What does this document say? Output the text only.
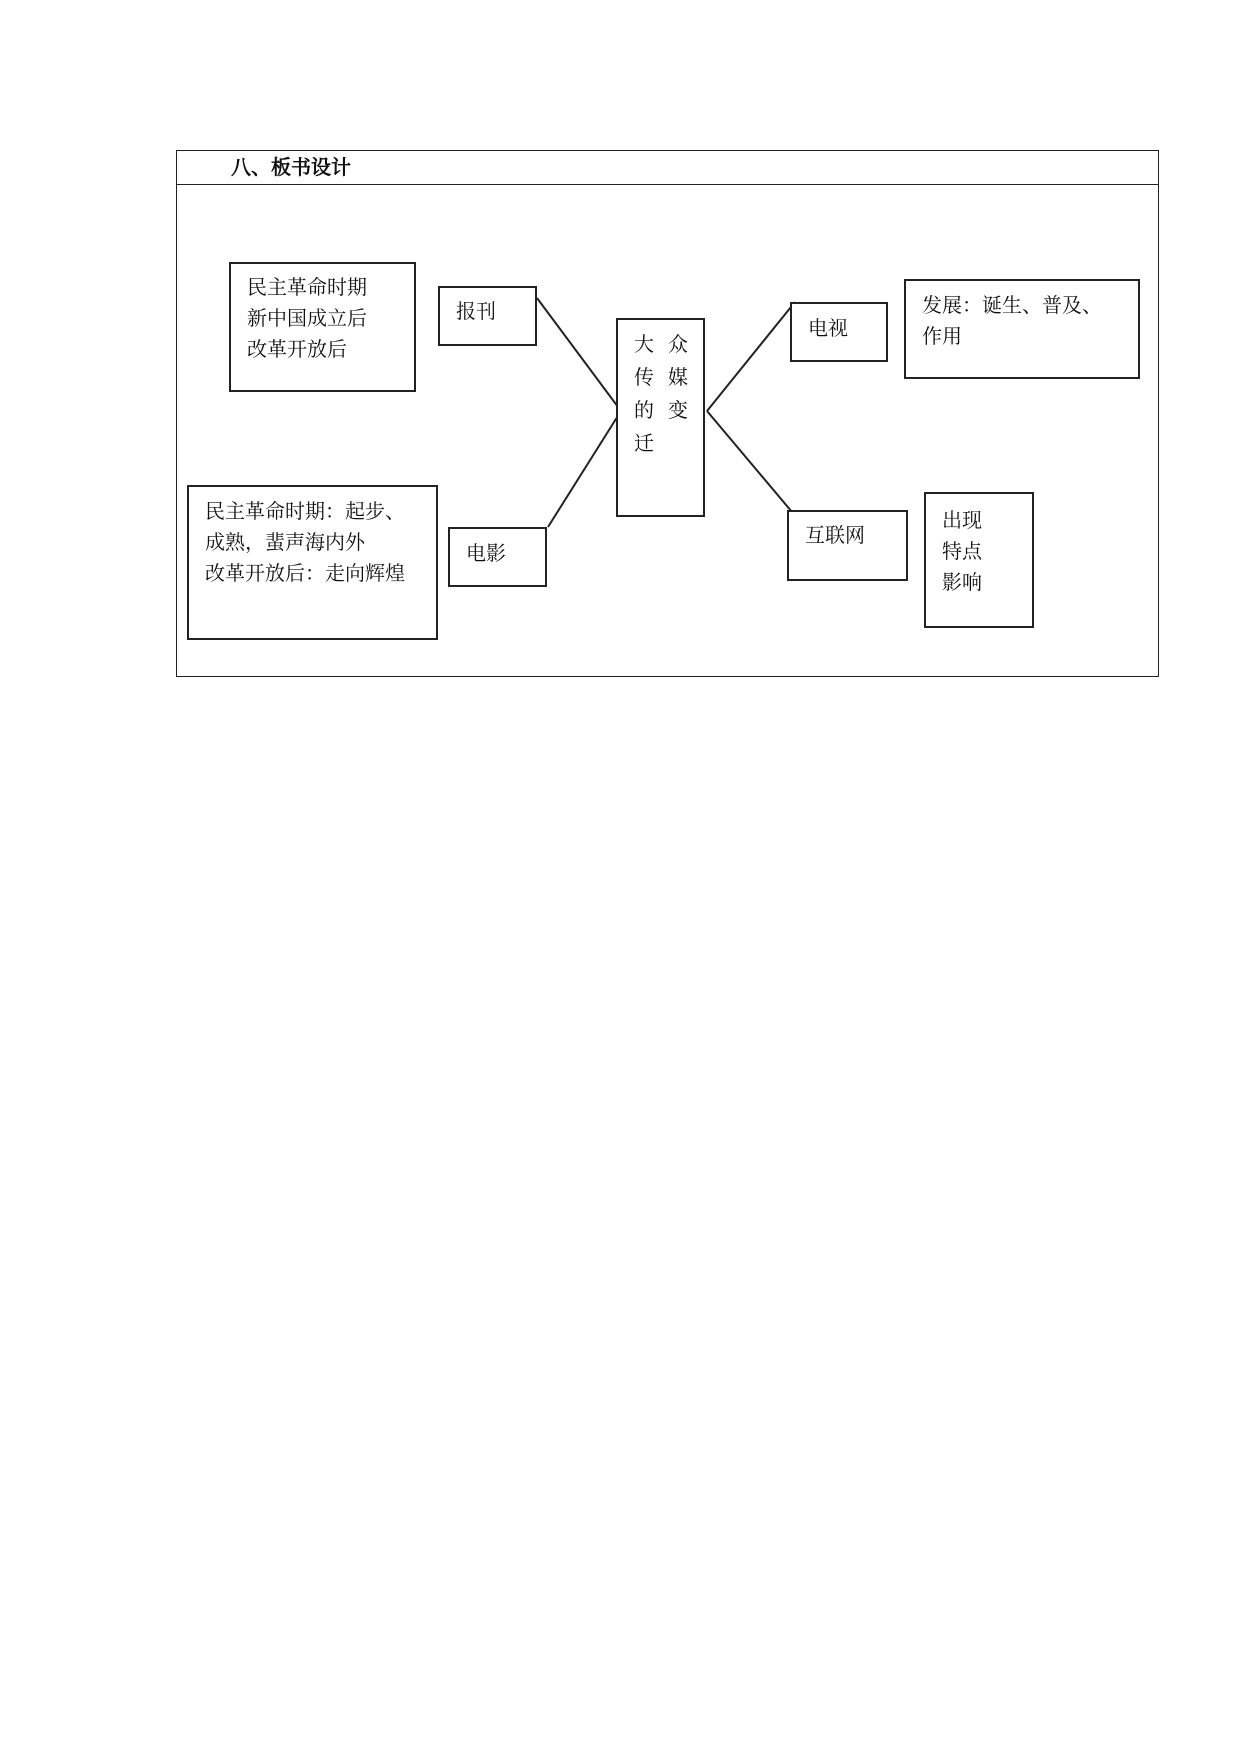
八、板书设计
民主革命时期
新中国成立后
改革开放后
民主革命时期：起步、
成熟，蜚声海内外
改革开放后：走向辉煌
报刊
电影
大
传
的
迁
众
媒
变
电视
互联网
发展：诞生、普及、
作用
出现
特点
影响
